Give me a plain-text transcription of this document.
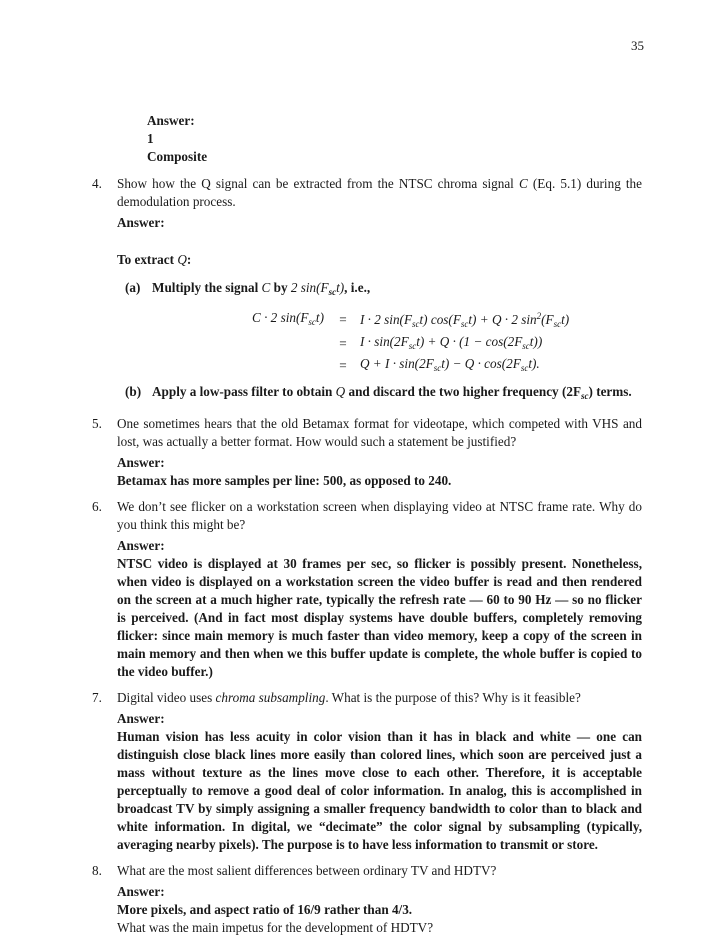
35
Answer:
1
Composite
4. Show how the Q signal can be extracted from the NTSC chroma signal C (Eq. 5.1) during the demodulation process.
Answer:
To extract Q:
(a) Multiply the signal C by 2 $\sin(F_{sc}t)$, i.e.,
C · 2 $\sin(F_{sc}t)$	=	I · 2 $\sin(F_{sc}t) \cos(F_{sc}t) + Q \cdot 2$ $\sin^2(F_{sc}t)$
	=	$I \cdot \sin(2F_{sc}t) + Q \cdot (1 - \cos(2F_{sc}t))$
	=	$Q + I \cdot \sin(2F_{sc}t) - Q \cdot \cos(2F_{sc}t)$.
(b) Apply a low-pass filter to obtain Q and discard the two higher frequency $(2F_{sc})$ terms.
5. One sometimes hears that the old Betamax format for videotape, which competed with VHS and lost, was actually a better format. How would such a statement be justified?
Answer:
Betamax has more samples per line: 500, as opposed to 240.
6. We don’t see flicker on a workstation screen when displaying video at NTSC frame rate. Why do you think this might be?
Answer:
NTSC video is displayed at 30 frames per sec, so flicker is possibly present. Nonetheless, when video is displayed on a workstation screen the video buffer is read and then rendered on the screen at a much higher rate, typically the refresh rate — 60 to 90 Hz — so no flicker is perceived. (And in fact most display systems have double buffers, completely removing flicker: since main memory is much faster than video memory, keep a copy of the screen in main memory and then when we this buffer update is complete, the whole buffer is copied to the video buffer.)
7. Digital video uses chroma subsampling. What is the purpose of this? Why is it feasible?
Answer:
Human vision has less acuity in color vision than it has in black and white — one can distinguish close black lines more easily than colored lines, which soon are perceived just a mass without texture as the lines move close to each other. Therefore, it is acceptable perceptually to remove a good deal of color information. In analog, this is accomplished in broadcast TV by simply assigning a smaller frequency bandwidth to color than to black and white information. In digital, we “decimate” the color signal by subsampling (typically, averaging nearby pixels). The purpose is to have less information to transmit or store.
8. What are the most salient differences between ordinary TV and HDTV?
Answer:
More pixels, and aspect ratio of 16/9 rather than 4/3.
What was the main impetus for the development of HDTV?
